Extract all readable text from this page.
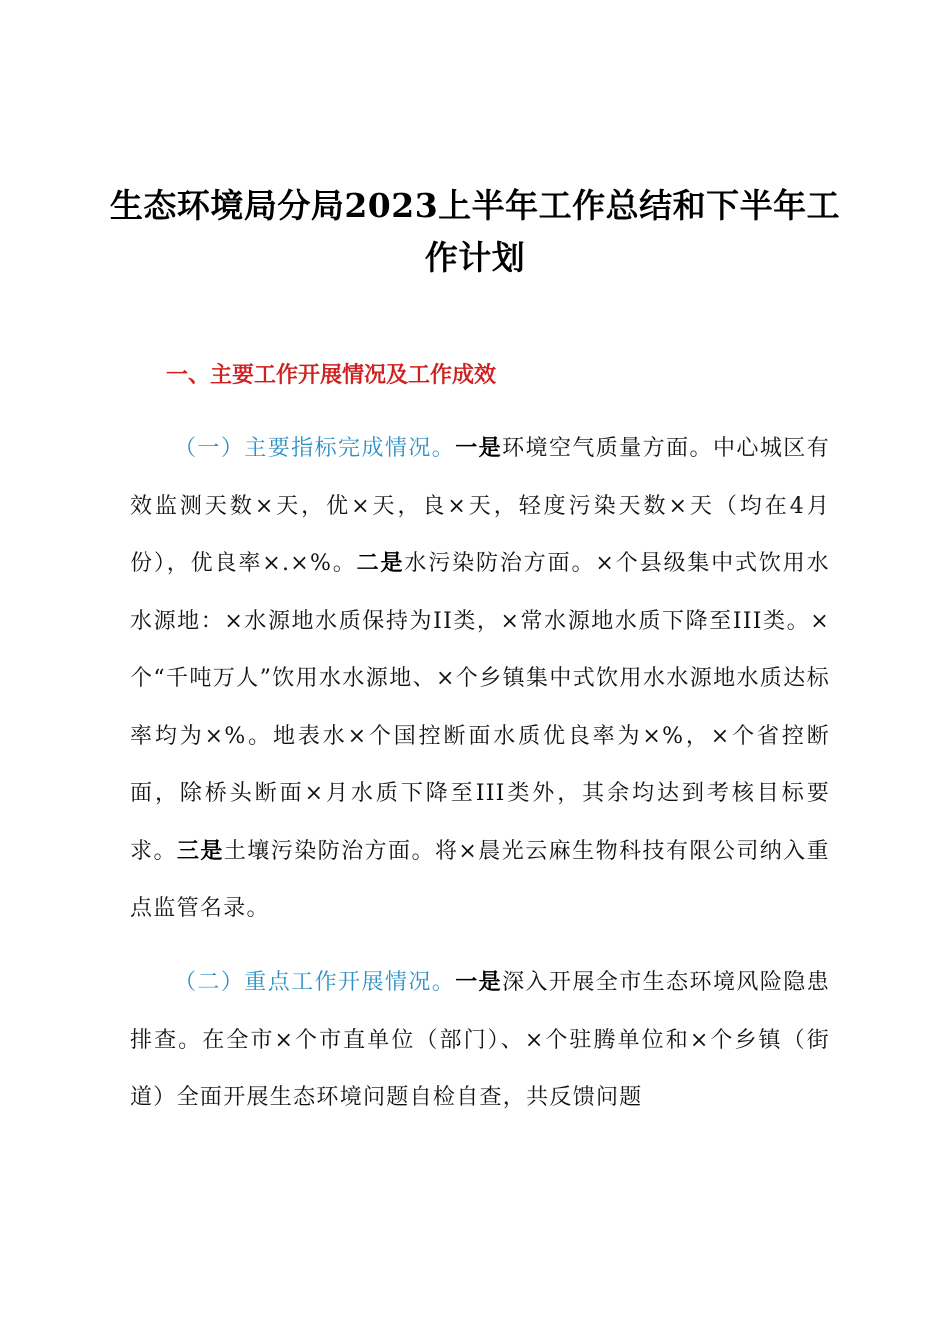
生态环境局分局2023上半年工作总结和下半年工作计划
一、主要工作开展情况及工作成效
（一）主要指标完成情况。一是环境空气质量方面。中心城区有效监测天数×天，优×天，良×天，轻度污染天数×天（均在4月份），优良率×.×%。二是水污染防治方面。×个县级集中式饮用水水源地：×水源地水质保持为II类，×常水源地水质下降至III类。×个“千吨万人”饮用水水源地、×个乡镇集中式饮用水水源地水质达标率均为×%。地表水×个国控断面水质优良率为×%，×个省控断面，除桥头断面×月水质下降至III类外，其余均达到考核目标要求。三是土壤污染防治方面。将×晨光云麻生物科技有限公司纳入重点监管名录。
（二）重点工作开展情况。一是深入开展全市生态环境风险隐患排查。在全市×个市直单位（部门）、×个驻腾单位和×个乡镇（街道）全面开展生态环境问题自检自查，共反馈问题
